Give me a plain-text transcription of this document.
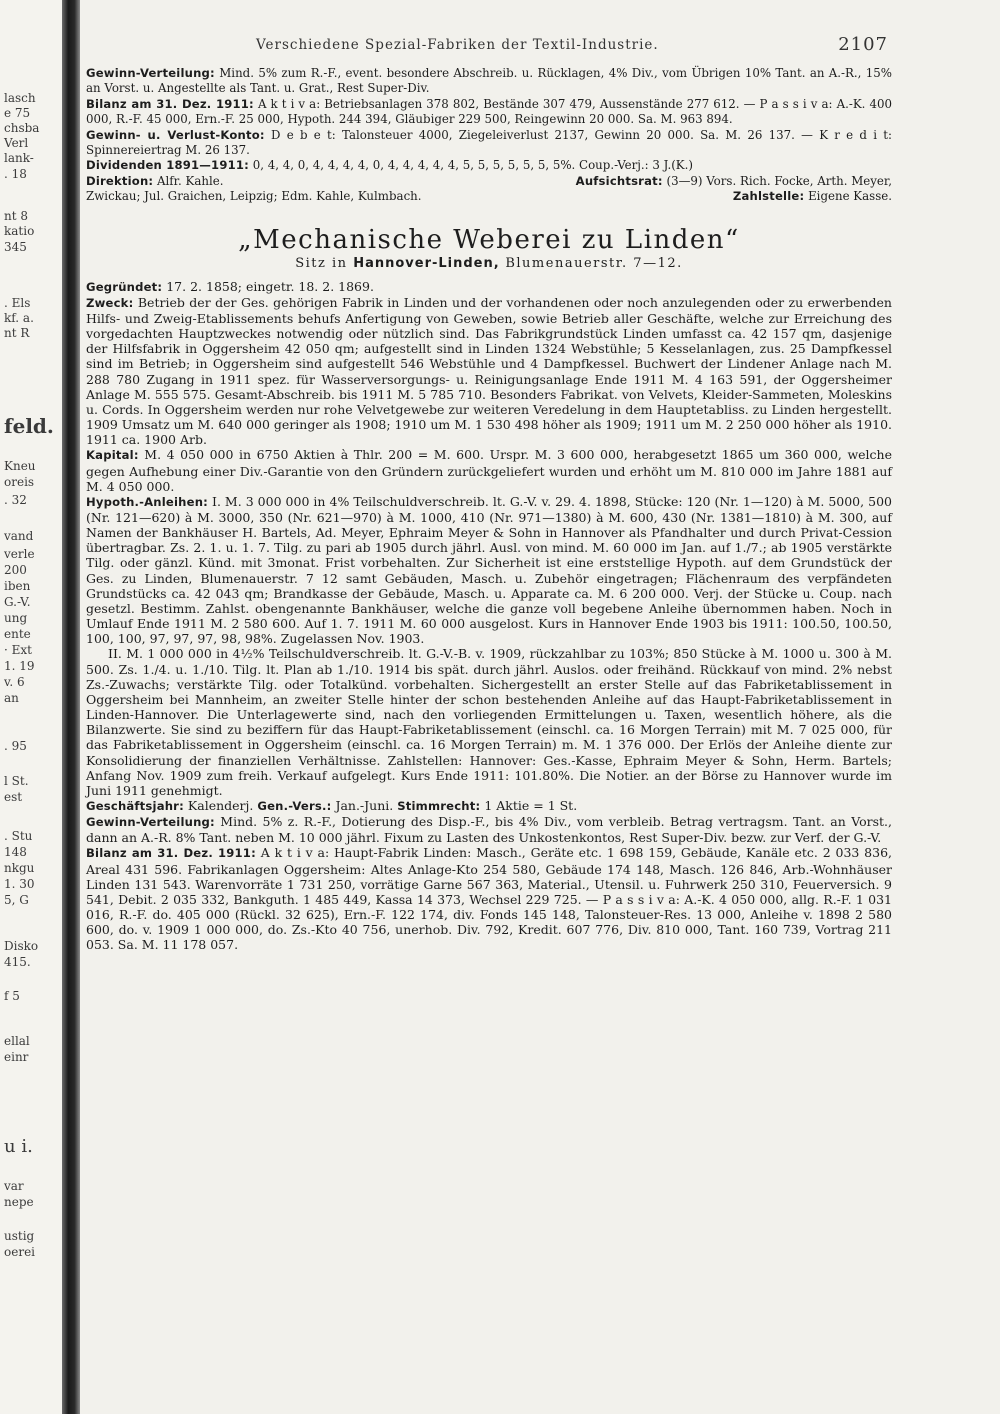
lasch
e 75
chsba
Verl
lank-
. 18
nt 8
katio
345
. Els
kf. a.
nt R
feld.
Kneu
oreis
. 32
vand
verle
200
iben
G.-V.
ung
ente
· Ext
1. 19
v. 6
an
. 95
l St.
est
. Stu
148
nkgu
1. 30
5, G
Disko
415.
f 5
ellal
einr
u i.
var
nepe
ustig
oerei
Verschiedene Spezial-Fabriken der Textil-Industrie.	2107

Gewinn-Verteilung: Mind. 5% zum R.-F., event. besondere Abschreib. u. Rücklagen, 4% Div., vom Übrigen 10% Tant. an A.-R., 15% an Vorst. u. Angestellte als Tant. u. Grat., Rest Super-Div.

Bilanz am 31. Dez. 1911: A k t i v a: Betriebsanlagen 378 802, Bestände 307 479, Aussenstände 277 612. — P a s s i v a: A.-K. 400 000, R.-F. 45 000, Ern.-F. 25 000, Hypoth. 244 394, Gläubiger 229 500, Reingewinn 20 000. Sa. M. 963 894.

Gewinn- u. Verlust-Konto: D e b e t: Talonsteuer 4000, Ziegeleiverlust 2137, Gewinn 20 000. Sa. M. 26 137. — K r e d i t: Spinnereiertrag M. 26 137.

Dividenden 1891—1911: 0, 4, 4, 0, 4, 4, 4, 4, 0, 4, 4, 4, 4, 4, 5, 5, 5, 5, 5, 5, 5%. Coup.-Verj.: 3 J.(K.)

Direktion: Alfr. Kahle.	Aufsichtsrat: (3—9) Vors. Rich. Focke, Arth. Meyer,

Zwickau; Jul. Graichen, Leipzig; Edm. Kahle, Kulmbach.	Zahlstelle: Eigene Kasse.

„Mechanische Weberei zu Linden“
Sitz in Hannover-Linden, Blumenauerstr. 7—12.

Gegründet: 17. 2. 1858; eingetr. 18. 2. 1869.

Zweck: Betrieb der der Ges. gehörigen Fabrik in Linden und der vorhandenen oder noch anzulegenden oder zu erwerbenden Hilfs- und Zweig-Etablissements behufs Anfertigung von Geweben, sowie Betrieb aller Geschäfte, welche zur Erreichung des vorgedachten Hauptzweckes notwendig oder nützlich sind. Das Fabrikgrundstück Linden umfasst ca. 42 157 qm, dasjenige der Hilfsfabrik in Oggersheim 42 050 qm; aufgestellt sind in Linden 1324 Webstühle; 5 Kesselanlagen, zus. 25 Dampfkessel sind im Betrieb; in Oggersheim sind aufgestellt 546 Webstühle und 4 Dampfkessel. Buchwert der Lindener Anlage nach M. 288 780 Zugang in 1911 spez. für Wasserversorgungs- u. Reinigungsanlage Ende 1911 M. 4 163 591, der Oggersheimer Anlage M. 555 575. Gesamt-Abschreib. bis 1911 M. 5 785 710. Besonders Fabrikat. von Velvets, Kleider-Sammeten, Moleskins u. Cords. In Oggersheim werden nur rohe Velvetgewebe zur weiteren Veredelung in dem Hauptetabliss. zu Linden hergestellt. 1909 Umsatz um M. 640 000 geringer als 1908; 1910 um M. 1 530 498 höher als 1909; 1911 um M. 2 250 000 höher als 1910. 1911 ca. 1900 Arb.

Kapital: M. 4 050 000 in 6750 Aktien à Thlr. 200 = M. 600. Urspr. M. 3 600 000, herabgesetzt 1865 um 360 000, welche gegen Aufhebung einer Div.-Garantie von den Gründern zurückgeliefert wurden und erhöht um M. 810 000 im Jahre 1881 auf M. 4 050 000.

Hypoth.-Anleihen: I. M. 3 000 000 in 4% Teilschuldverschreib. lt. G.-V. v. 29. 4. 1898, Stücke: 120 (Nr. 1—120) à M. 5000, 500 (Nr. 121—620) à M. 3000, 350 (Nr. 621—970) à M. 1000, 410 (Nr. 971—1380) à M. 600, 430 (Nr. 1381—1810) à M. 300, auf Namen der Bankhäuser H. Bartels, Ad. Meyer, Ephraim Meyer & Sohn in Hannover als Pfandhalter und durch Privat-Cession übertragbar. Zs. 2. 1. u. 1. 7. Tilg. zu pari ab 1905 durch jährl. Ausl. von mind. M. 60 000 im Jan. auf 1./7.; ab 1905 verstärkte Tilg. oder gänzl. Künd. mit 3monat. Frist vorbehalten. Zur Sicherheit ist eine erststellige Hypoth. auf dem Grundstück der Ges. zu Linden, Blumenauerstr. 7 12 samt Gebäuden, Masch. u. Zubehör eingetragen; Flächenraum des verpfändeten Grundstücks ca. 42 043 qm; Brandkasse der Gebäude, Masch. u. Apparate ca. M. 6 200 000. Verj. der Stücke u. Coup. nach gesetzl. Bestimm. Zahlst. obengenannte Bankhäuser, welche die ganze voll begebene Anleihe übernommen haben. Noch in Umlauf Ende 1911 M. 2 580 600. Auf 1. 7. 1911 M. 60 000 ausgelost. Kurs in Hannover Ende 1903 bis 1911: 100.50, 100.50, 100, 100, 97, 97, 97, 98, 98%. Zugelassen Nov. 1903.

II. M. 1 000 000 in 4½% Teilschuldverschreib. lt. G.-V.-B. v. 1909, rückzahlbar zu 103%; 850 Stücke à M. 1000 u. 300 à M. 500. Zs. 1./4. u. 1./10. Tilg. lt. Plan ab 1./10. 1914 bis spät. durch jährl. Auslos. oder freihänd. Rückkauf von mind. 2% nebst Zs.-Zuwachs; verstärkte Tilg. oder Totalkünd. vorbehalten. Sichergestellt an erster Stelle auf das Fabriketablissement in Oggersheim bei Mannheim, an zweiter Stelle hinter der schon bestehenden Anleihe auf das Haupt-Fabriketablissement in Linden-Hannover. Die Unterlagewerte sind, nach den vorliegenden Ermittelungen u. Taxen, wesentlich höhere, als die Bilanzwerte. Sie sind zu beziffern für das Haupt-Fabriketablissement (einschl. ca. 16 Morgen Terrain) mit M. 7 025 000, für das Fabriketablissement in Oggersheim (einschl. ca. 16 Morgen Terrain) m. M. 1 376 000. Der Erlös der Anleihe diente zur Konsolidierung der finanziellen Verhältnisse. Zahlstellen: Hannover: Ges.-Kasse, Ephraim Meyer & Sohn, Herm. Bartels; Anfang Nov. 1909 zum freih. Verkauf aufgelegt. Kurs Ende 1911: 101.80%. Die Notier. an der Börse zu Hannover wurde im Juni 1911 genehmigt.

Geschäftsjahr: Kalenderj. Gen.-Vers.: Jan.-Juni. Stimmrecht: 1 Aktie = 1 St.

Gewinn-Verteilung: Mind. 5% z. R.-F., Dotierung des Disp.-F., bis 4% Div., vom verbleib. Betrag vertragsm. Tant. an Vorst., dann an A.-R. 8% Tant. neben M. 10 000 jährl. Fixum zu Lasten des Unkostenkontos, Rest Super-Div. bezw. zur Verf. der G.-V.

Bilanz am 31. Dez. 1911: A k t i v a: Haupt-Fabrik Linden: Masch., Geräte etc. 1 698 159, Gebäude, Kanäle etc. 2 033 836, Areal 431 596. Fabrikanlagen Oggersheim: Altes Anlage-Kto 254 580, Gebäude 174 148, Masch. 126 846, Arb.-Wohnhäuser Linden 131 543. Warenvorräte 1 731 250, vorrätige Garne 567 363, Material., Utensil. u. Fuhrwerk 250 310, Feuerversich. 9 541, Debit. 2 035 332, Bankguth. 1 485 449, Kassa 14 373, Wechsel 229 725. — P a s s i v a: A.-K. 4 050 000, allg. R.-F. 1 031 016, R.-F. do. 405 000 (Rückl. 32 625), Ern.-F. 122 174, div. Fonds 145 148, Talonsteuer-Res. 13 000, Anleihe v. 1898 2 580 600, do. v. 1909 1 000 000, do. Zs.-Kto 40 756, unerhob. Div. 792, Kredit. 607 776, Div. 810 000, Tant. 160 739, Vortrag 211 053. Sa. M. 11 178 057.
